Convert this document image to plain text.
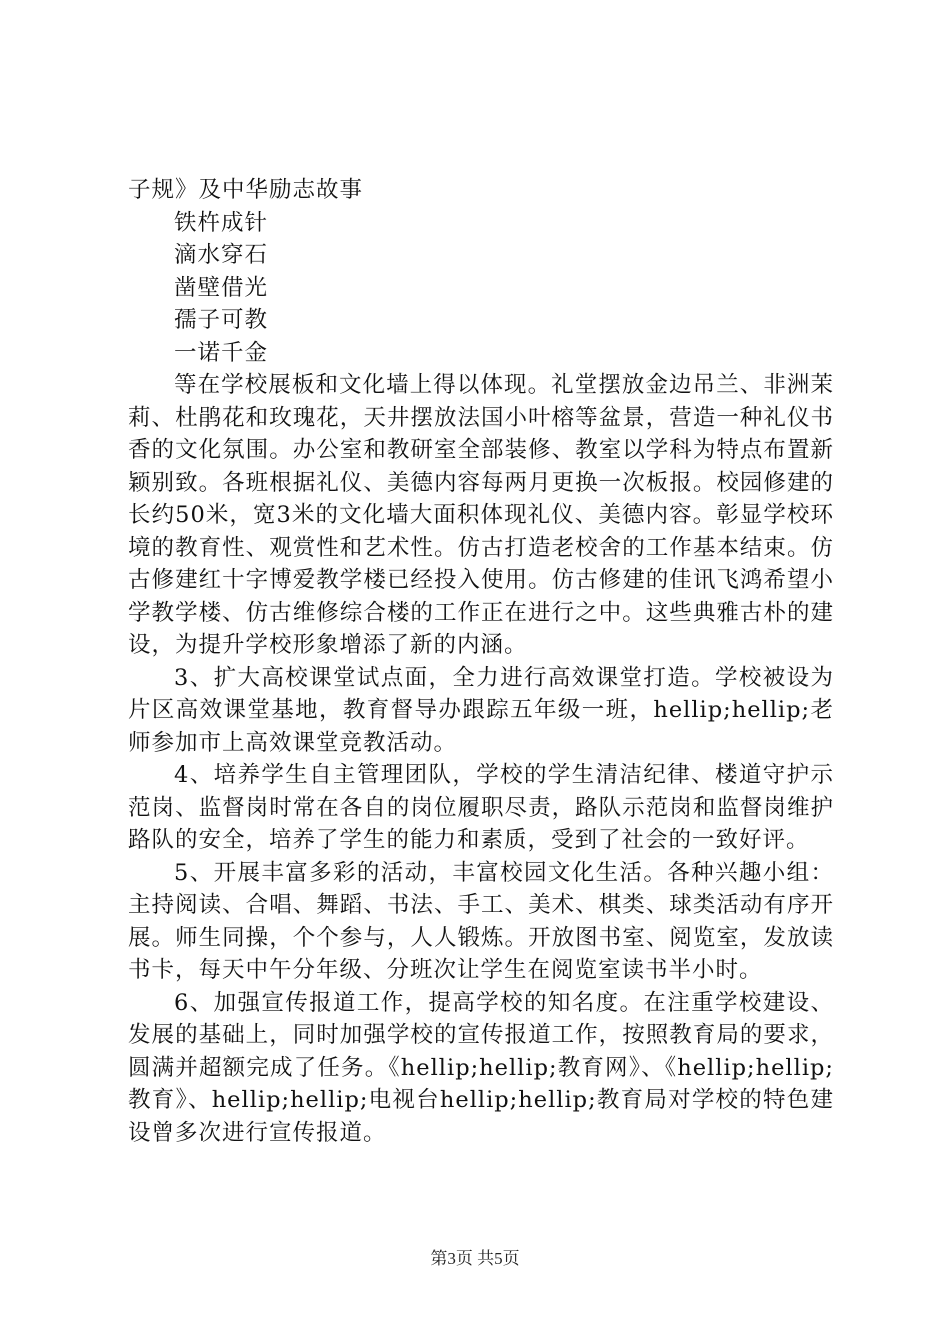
子规》及中华励志故事

铁杵成针

滴水穿石

凿壁借光

孺子可教

一诺千金

等在学校展板和文化墙上得以体现。礼堂摆放金边吊兰、非洲茉莉、杜鹃花和玫瑰花，天井摆放法国小叶榕等盆景，营造一种礼仪书香的文化氛围。办公室和教研室全部装修、教室以学科为特点布置新颖别致。各班根据礼仪、美德内容每两月更换一次板报。校园修建的长约50米，宽3米的文化墙大面积体现礼仪、美德内容。彰显学校环境的教育性、观赏性和艺术性。仿古打造老校舍的工作基本结束。仿古修建红十字博爱教学楼已经投入使用。仿古修建的佳讯飞鸿希望小学教学楼、仿古维修综合楼的工作正在进行之中。这些典雅古朴的建设，为提升学校形象增添了新的内涵。

3、扩大高校课堂试点面，全力进行高效课堂打造。学校被设为片区高效课堂基地，教育督导办跟踪五年级一班，hellip;hellip;老师参加市上高效课堂竞教活动。

4、培养学生自主管理团队，学校的学生清洁纪律、楼道守护示范岗、监督岗时常在各自的岗位履职尽责，路队示范岗和监督岗维护路队的安全，培养了学生的能力和素质，受到了社会的一致好评。

5、开展丰富多彩的活动，丰富校园文化生活。各种兴趣小组：主持阅读、合唱、舞蹈、书法、手工、美术、棋类、球类活动有序开展。师生同操，个个参与，人人锻炼。开放图书室、阅览室，发放读书卡，每天中午分年级、分班次让学生在阅览室读书半小时。

6、加强宣传报道工作，提高学校的知名度。在注重学校建设、发展的基础上，同时加强学校的宣传报道工作，按照教育局的要求，圆满并超额完成了任务。《hellip;hellip;教育网》、《hellip;hellip;教育》、hellip;hellip;电视台hellip;hellip;教育局对学校的特色建设曾多次进行宣传报道。

第3页 共5页
